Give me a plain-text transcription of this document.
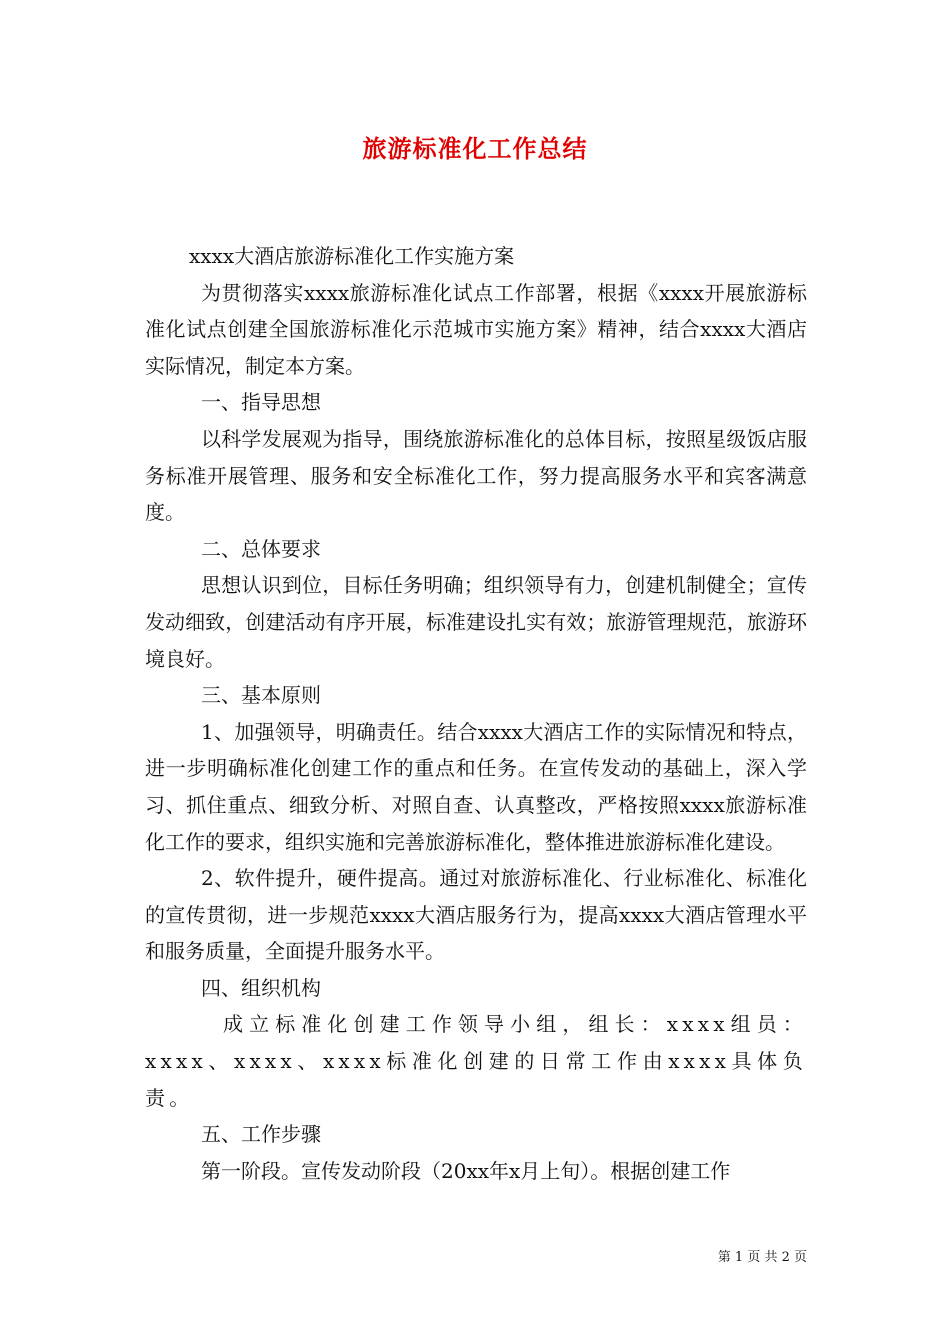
旅游标准化工作总结

xxxx大酒店旅游标准化工作实施方案

为贯彻落实xxxx旅游标准化试点工作部署，根据《xxxx开展旅游标准化试点创建全国旅游标准化示范城市实施方案》精神，结合xxxx大酒店实际情况，制定本方案。

一、指导思想

以科学发展观为指导，围绕旅游标准化的总体目标，按照星级饭店服务标准开展管理、服务和安全标准化工作，努力提高服务水平和宾客满意度。

二、总体要求

思想认识到位，目标任务明确；组织领导有力，创建机制健全；宣传发动细致，创建活动有序开展，标准建设扎实有效；旅游管理规范，旅游环境良好。

三、基本原则

1、加强领导，明确责任。结合xxxx大酒店工作的实际情况和特点，进一步明确标准化创建工作的重点和任务。在宣传发动的基础上，深入学习、抓住重点、细致分析、对照自查、认真整改，严格按照xxxx旅游标准化工作的要求，组织实施和完善旅游标准化，整体推进旅游标准化建设。

2、软件提升，硬件提高。通过对旅游标准化、行业标准化、标准化的宣传贯彻，进一步规范xxxx大酒店服务行为，提高xxxx大酒店管理水平和服务质量，全面提升服务水平。

四、组织机构

成立标准化创建工作领导小组，组长：xxxx组员：xxxx、xxxx、xxxx标准化创建的日常工作由xxxx具体负责。

五、工作步骤

第一阶段。宣传发动阶段（20xx年x月上旬）。根据创建工作

第 1 页 共 2 页
